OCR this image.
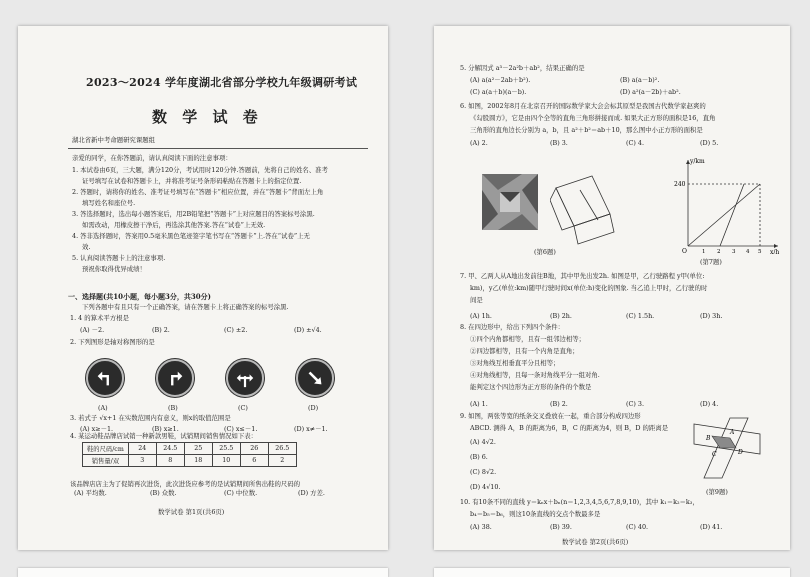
2023～2024 学年度湖北省部分学校九年级调研考试
数 学 试 卷
湖北省新中考命题研究课题组
亲爱的同学，在你答题前，请认真阅读下面的注意事项：
1. 本试卷由6页，三大题，满分120分，考试用时120分钟.答题前，先将自己的姓名、准考
证号填写在试卷和答题卡上，并将准考证号条形码粘贴在答题卡上的指定位置.
2. 答题时，请将你的姓名、准考证号填写在“答题卡”相应位置，并在“答题卡”背面左上角
填写姓名和座位号.
3. 答选择题时，选出每小题答案后，用2B铅笔把“答题卡”上对应题目的答案标号涂黑.
如需改动，用橡皮擦干净后，再选涂其他答案.答在“试卷”上无效.
4. 答非选择题时，答案用0.5毫米黑色笔迹签字笔书写在“答题卡”上.答在“试卷”上无
效.
5. 认真阅读答题卡上的注意事项.
预祝你取得优异成绩！
一、选择题(共10小题，每小题3分，共30分)
下列各题中有且只有一个正确答案，请在答题卡上将正确答案的标号涂黑.
1. 4 的算术平方根是
(A) －2.	(B) 2.	(C) ±2.	(D) ±√4.
2. 下列图形是轴对称图形的是
(A)	(B)	(C)	(D)
3. 若式子 √x+1 在实数范围内有意义，则x的取值范围是
(A) x≥－1.	(B) x≥1.	(C) x≤－1.	(D) x≠－1.
4. 某运动鞋品牌店试销一种新款男鞋，试销期间销售情况如下表：
鞋的尺码/cm	24	24.5	25	25.5	26	26.5
销售量/双	3	8	18	10	6	2
该品牌店店主为了促销再次进货，此次进货应参考的是试销期间所售出鞋的尺码的
(A) 平均数.	(B) 众数.	(C) 中位数.	(D) 方差.
数学试卷 第1页(共6页)
5. 分解因式 a³－2a²b＋ab²，结果正确的是
(A) a(a²－2ab＋b²).	(B) a(a－b)².
(C) a(a＋b)(a－b).	(D) a²(a－2b)＋ab².
6. 如图，2002年8月在北京召开的国际数学家大会会标其原型是我国古代数学家赵爽的
《勾股圆方》，它是由四个全等的直角三角形拼接而成. 如果大正方形的面积是16，直角
三角形的直角边长分别为 a，b，且 a²＋b²＝ab＋10，那么图中小正方形的面积是
(A) 2.	(B) 3.	(C) 4.	(D) 5.
(第6题)
y/km
x/h
240
O	1 2 3 4 5
(第7题)
7. 甲、乙两人从A地出发前往B地，其中甲先出发2h. 如图是甲，乙行驶路程 y甲(单位:
km)，y乙(单位:km)随甲行驶时间x(单位:h)变化的图象. 当乙追上甲时，乙行驶的时
间是
(A) 1h.	(B) 2h.	(C) 1.5h.	(D) 3h.
8. 在四边形中，给出下列四个条件：
①四个内角都相等，且有一组邻边相等；
②四边都相等，且有一个内角是直角；
③对角线互相垂直平分且相等；
④对角线相等，且每一条对角线平分一组对角.
能判定这个四边形为正方形的条件的个数是
(A) 1.	(B) 2.	(C) 3.	(D) 4.
9. 如图，两张等宽的纸条交叉叠放在一起，重合部分构成四边形
ABCD. 测得 A，B 的距离为6，B，C 的距离为4，则 B，D 的距离是
(A) 4√2.
(B) 6.
(C) 8√2.
(D) 4√10.
A
B
C	D
(第9题)
10. 有10条不同的直线 y＝kₙx＋bₙ(n＝1,2,3,4,5,6,7,8,9,10)，其中 k₁＝k₂＝k₃，
b₄＝b₅＝b₆，则这10条直线的交点个数最多是
(A) 38.	(B) 39.	(C) 40.	(D) 41.
数学试卷 第2页(共6页)
